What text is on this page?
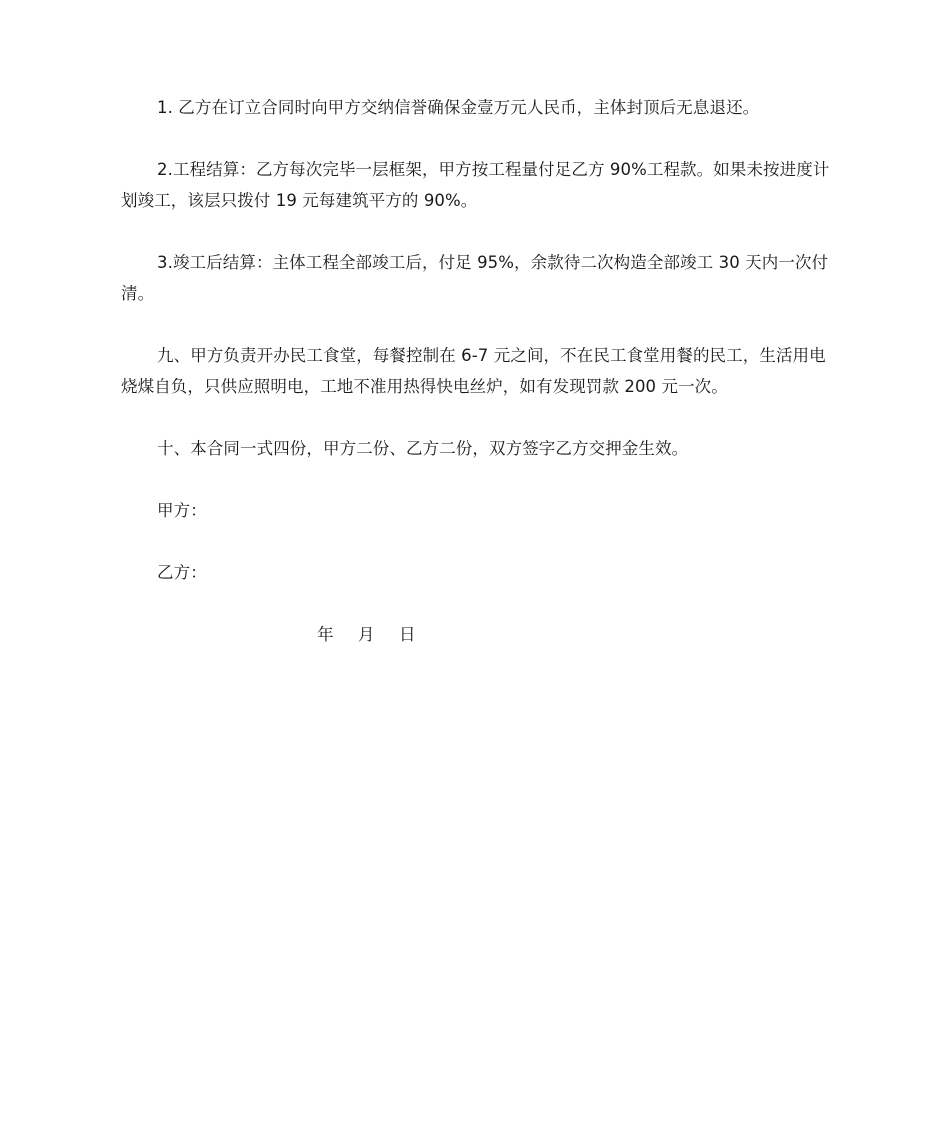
1. 乙方在订立合同时向甲方交纳信誉确保金壹万元人民币，主体封顶后无息退还。

2.工程结算：乙方每次完毕一层框架，甲方按工程量付足乙方 90%工程款。如果未按进度计划竣工，该层只拨付 19 元每建筑平方的 90%。

3.竣工后结算：主体工程全部竣工后，付足 95%，余款待二次构造全部竣工 30 天内一次付清。

九、甲方负责开办民工食堂，每餐控制在 6-7 元之间，不在民工食堂用餐的民工，生活用电烧煤自负，只供应照明电，工地不准用热得快电丝炉，如有发现罚款 200 元一次。

十、本合同一式四份，甲方二份、乙方二份，双方签字乙方交押金生效。

甲方：

乙方：

年 月 日
